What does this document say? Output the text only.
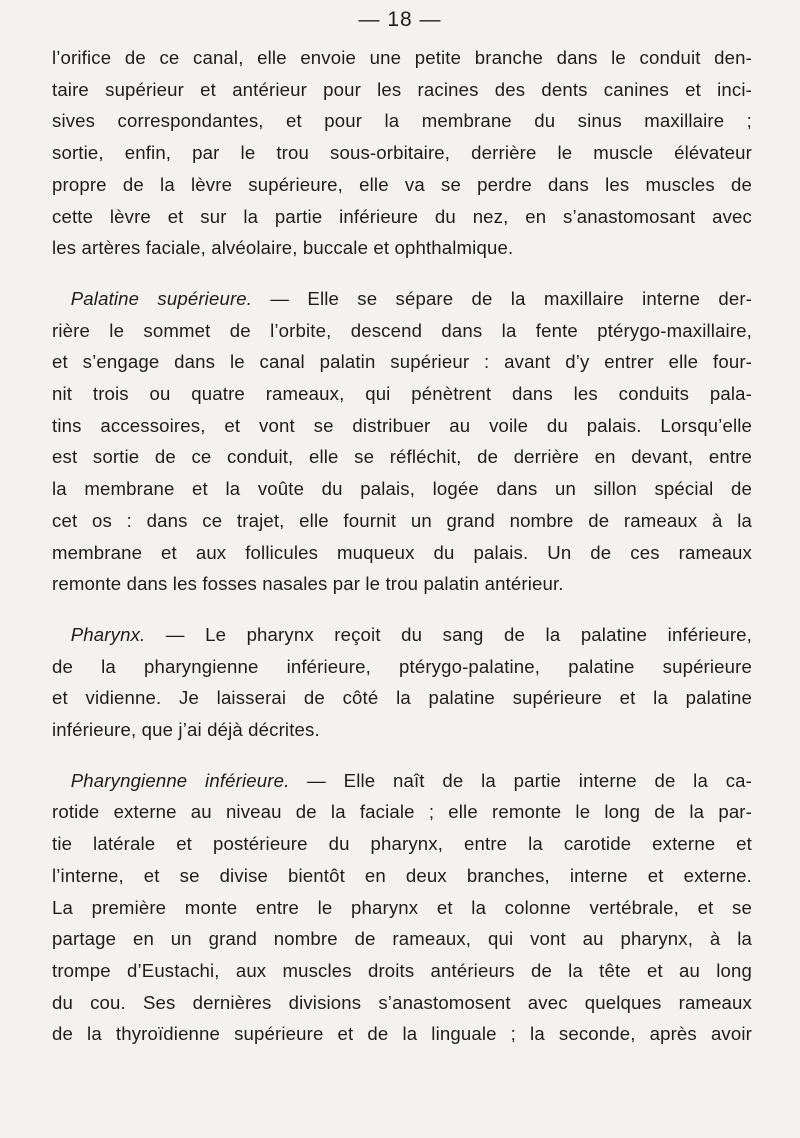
— 18 —

l’orifice de ce canal, elle envoie une petite branche dans le conduit den-
taire supérieur et antérieur pour les racines des dents canines et inci-
sives correspondantes, et pour la membrane du sinus maxillaire ;
sortie, enfin, par le trou sous-orbitaire, derrière le muscle élévateur
propre de la lèvre supérieure, elle va se perdre dans les muscles de
cette lèvre et sur la partie inférieure du nez, en s’anastomosant avec
les artères faciale, alvéolaire, buccale et ophthalmique.

 Palatine supérieure. — Elle se sépare de la maxillaire interne der-
rière le sommet de l’orbite, descend dans la fente ptérygo-maxillaire,
et s’engage dans le canal palatin supérieur : avant d’y entrer elle four-
nit trois ou quatre rameaux, qui pénètrent dans les conduits pala-
tins accessoires, et vont se distribuer au voile du palais. Lorsqu’elle
est sortie de ce conduit, elle se réfléchit, de derrière en devant, entre
la membrane et la voûte du palais, logée dans un sillon spécial de
cet os : dans ce trajet, elle fournit un grand nombre de rameaux à la
membrane et aux follicules muqueux du palais. Un de ces rameaux
remonte dans les fosses nasales par le trou palatin antérieur.

 Pharynx. — Le pharynx reçoit du sang de la palatine inférieure,
de la pharyngienne inférieure, ptérygo-palatine, palatine supérieure
et vidienne. Je laisserai de côté la palatine supérieure et la palatine
inférieure, que j’ai déjà décrites.

 Pharyngienne inférieure. — Elle naît de la partie interne de la ca-
rotide externe au niveau de la faciale ; elle remonte le long de la par-
tie latérale et postérieure du pharynx, entre la carotide externe et
l’interne, et se divise bientôt en deux branches, interne et externe.
La première monte entre le pharynx et la colonne vertébrale, et se
partage en un grand nombre de rameaux, qui vont au pharynx, à la
trompe d’Eustachi, aux muscles droits antérieurs de la tête et au long
du cou. Ses dernières divisions s’anastomosent avec quelques rameaux
de la thyroïdienne supérieure et de la linguale ; la seconde, après avoir
